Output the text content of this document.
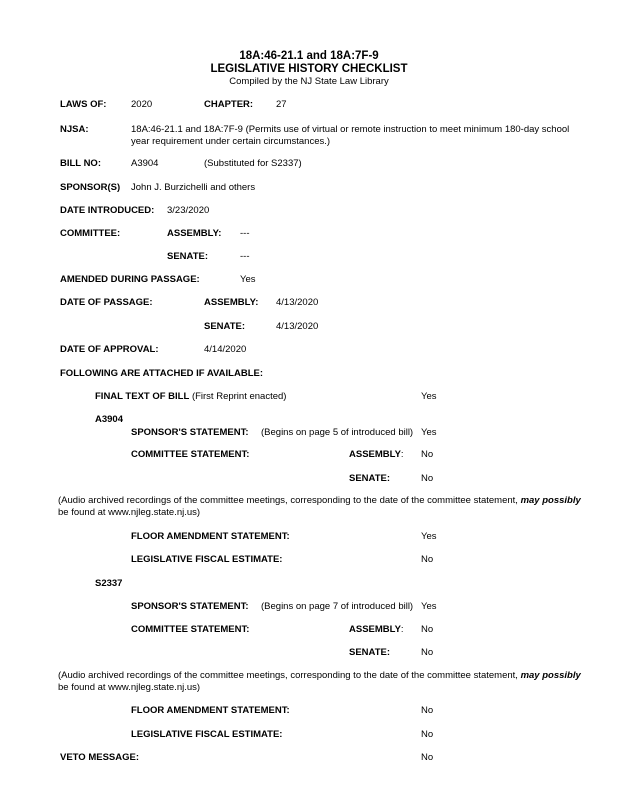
18A:46-21.1 and 18A:7F-9
LEGISLATIVE HISTORY CHECKLIST
Compiled by the NJ State Law Library
LAWS OF:	2020	CHAPTER: 27
NJSA:	18A:46-21.1 and 18A:7F-9 (Permits use of virtual or remote instruction to meet minimum 180-day school
year requirement under certain circumstances.)
BILL NO:	A3904	(Substituted for S2337)
SPONSOR(S) John J. Burzichelli and others
DATE INTRODUCED: 3/23/2020
COMMITTEE:	ASSEMBLY: ---
SENATE:	---
AMENDED DURING PASSAGE:	Yes
DATE OF PASSAGE:	ASSEMBLY: 4/13/2020
SENATE:	4/13/2020
DATE OF APPROVAL:	4/14/2020
FOLLOWING ARE ATTACHED IF AVAILABLE:
FINAL TEXT OF BILL (First Reprint enacted)	Yes
A3904
SPONSOR'S STATEMENT: (Begins on page 5 of introduced bill) Yes
COMMITTEE STATEMENT:	ASSEMBLY: No
SENATE:	No
(Audio archived recordings of the committee meetings, corresponding to the date of the committee statement, may possibly
be found at www.njleg.state.nj.us)
FLOOR AMENDMENT STATEMENT:	Yes
LEGISLATIVE FISCAL ESTIMATE:	No
S2337
SPONSOR'S STATEMENT: (Begins on page 7 of introduced bill) Yes
COMMITTEE STATEMENT:	ASSEMBLY: No
SENATE:	No
(Audio archived recordings of the committee meetings, corresponding to the date of the committee statement, may possibly
be found at www.njleg.state.nj.us)
FLOOR AMENDMENT STATEMENT:	No
LEGISLATIVE FISCAL ESTIMATE:	No
VETO MESSAGE:	No
